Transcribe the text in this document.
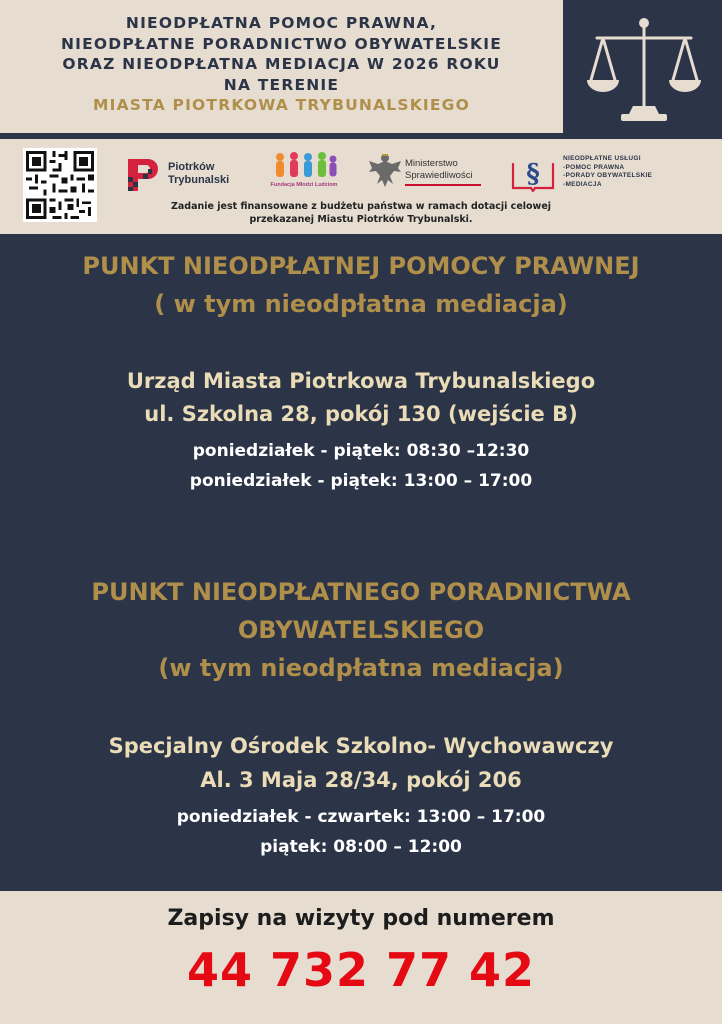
NIEODPŁATNA POMOC PRAWNA,
NIEODPŁATNE PORADNICTWO OBYWATELSKIE
ORAZ NIEODPŁATNA MEDIACJA W 2026 ROKU
NA TERENIE
MIASTA PIOTRKOWA TRYBUNALSKIEGO
Piotrków
Trybunalski	Fundacja Młodzi Ludziom
Ministerstwo
Sprawiedliwości §
NIEODPŁATNE USŁUGI
-POMOC PRAWNA
-PORADY OBYWATELSKIE
-MEDIACJA
Zadanie jest finansowane z budżetu państwa w ramach dotacji celowej
przekazanej Miastu Piotrków Trybunalski.
PUNKT NIEODPŁATNEJ POMOCY PRAWNEJ
( w tym nieodpłatna mediacja)
Urząd Miasta Piotrkowa Trybunalskiego
ul. Szkolna 28, pokój 130 (wejście B)
poniedziałek - piątek: 08:30 –12:30
poniedziałek - piątek: 13:00 – 17:00
PUNKT NIEODPŁATNEGO PORADNICTWA
OBYWATELSKIEGO
(w tym nieodpłatna mediacja)
Specjalny Ośrodek Szkolno- Wychowawczy
Al. 3 Maja 28/34, pokój 206
poniedziałek - czwartek: 13:00 – 17:00
piątek: 08:00 – 12:00
Zapisy na wizyty pod numerem
44 732 77 42
